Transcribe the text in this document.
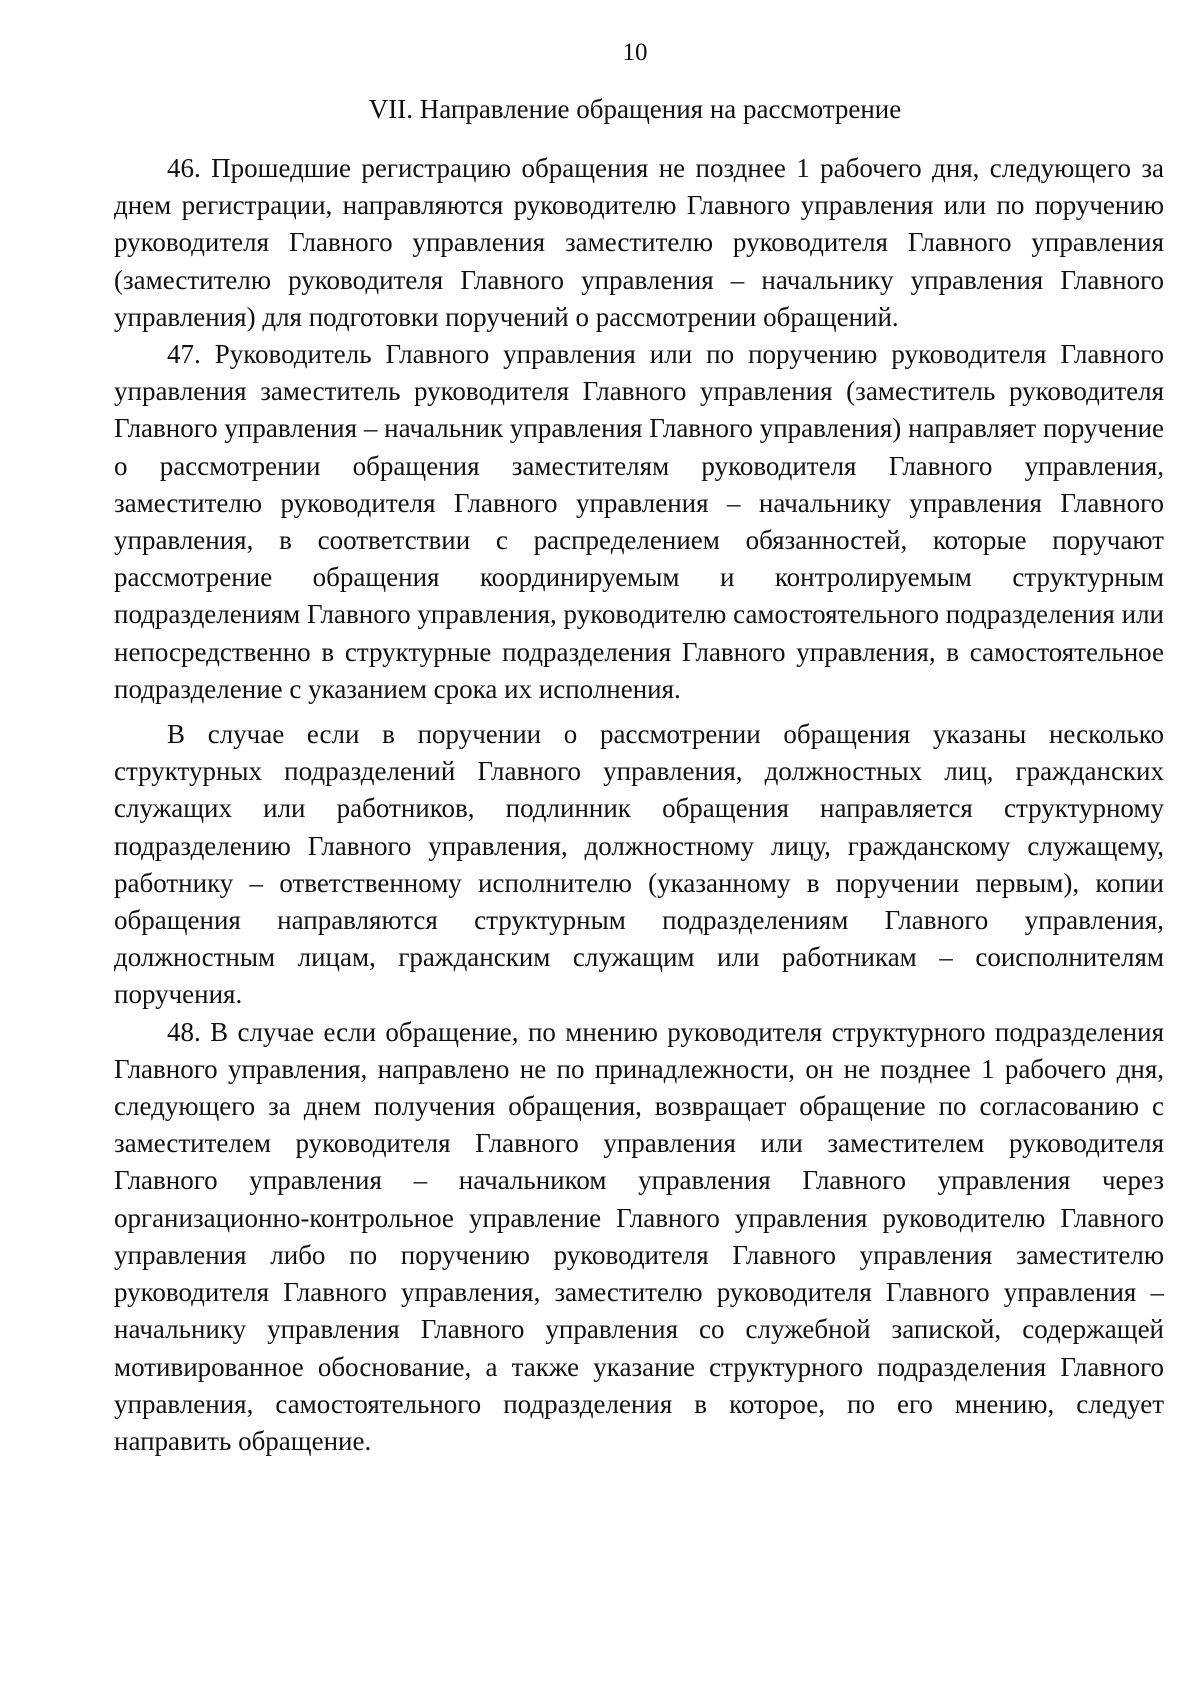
10
VII. Направление обращения на рассмотрение

46. Прошедшие регистрацию обращения не позднее 1 рабочего дня, следующего за днем регистрации, направляются руководителю Главного управления или по поручению руководителя Главного управления заместителю руководителя Главного управления (заместителю руководителя Главного управления – начальнику управления Главного управления) для подготовки поручений о рассмотрении обращений.

47. Руководитель Главного управления или по поручению руководителя Главного управления заместитель руководителя Главного управления (заместитель руководителя Главного управления – начальник управления Главного управления) направляет поручение о рассмотрении обращения заместителям руководителя Главного управления, заместителю руководителя Главного управления – начальнику управления Главного управления, в соответствии с распределением обязанностей, которые поручают рассмотрение обращения координируемым и контролируемым структурным подразделениям Главного управления, руководителю самостоятельного подразделения или непосредственно в структурные подразделения Главного управления, в самостоятельное подразделение с указанием срока их исполнения.

В случае если в поручении о рассмотрении обращения указаны несколько структурных подразделений Главного управления, должностных лиц, гражданских служащих или работников, подлинник обращения направляется структурному подразделению Главного управления, должностному лицу, гражданскому служащему, работнику – ответственному исполнителю (указанному в поручении первым), копии обращения направляются структурным подразделениям Главного управления, должностным лицам, гражданским служащим или работникам – соисполнителям поручения.

48. В случае если обращение, по мнению руководителя структурного подразделения Главного управления, направлено не по принадлежности, он не позднее 1 рабочего дня, следующего за днем получения обращения, возвращает обращение по согласованию с заместителем руководителя Главного управления или заместителем руководителя Главного управления – начальником управления Главного управления через организационно-контрольное управление Главного управления руководителю Главного управления либо по поручению руководителя Главного управления заместителю руководителя Главного управления, заместителю руководителя Главного управления – начальнику управления Главного управления со служебной запиской, содержащей мотивированное обоснование, а также указание структурного подразделения Главного управления, самостоятельного подразделения в которое, по его мнению, следует направить обращение.
